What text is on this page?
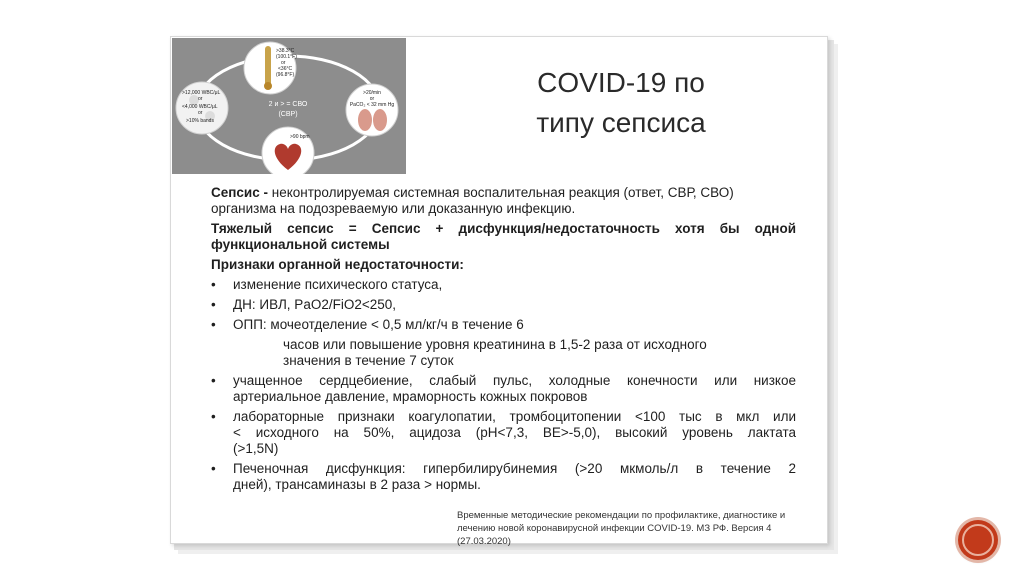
>38.3°C
(100.1°F)
or
<36°C
(96.8°F)
>12,000 WBC/μL
or
<4,000 WBC/μL
or
>10% bands
>20/min
or
PaCO₂ < 32 mm Hg
>90 bpm
2 и > = СВО
(СВР)
COVID-19 по
типу сепсиса
Сепсис - неконтролируемая системная воспалительная реакция (ответ, СВР, СВО)
организма на подозреваемую или доказанную инфекцию.
Тяжелый сепсис = Сепсис + дисфункция/недостаточность хотя бы одной
функциональной системы
Признаки органной недостаточности:
• изменение психического статуса,
• ДН: ИВЛ, PaO2/FiO2<250,
• ОПП: мочеотделение < 0,5 мл/кг/ч в течение 6
часов или повышение уровня креатинина в 1,5-2 раза от исходного
значения в течение 7 суток
• учащенное сердцебиение, слабый пульс, холодные конечности или низкое
артериальное давление, мраморность кожных покровов
• лабораторные признаки коагулопатии, тромбоцитопении <100 тыс в мкл или
< исходного на 50%, ацидоза (pH<7,3, BE>-5,0), высокий уровень лактата
(>1,5N)
• Печеночная дисфункция: гипербилирубинемия (>20 мкмоль/л в течение 2
дней), трансаминазы в 2 раза > нормы.
Временные методические рекомендации по профилактике, диагностике и
лечению новой коронавирусной инфекции COVID-19. МЗ РФ. Версия 4 (27.03.2020)
